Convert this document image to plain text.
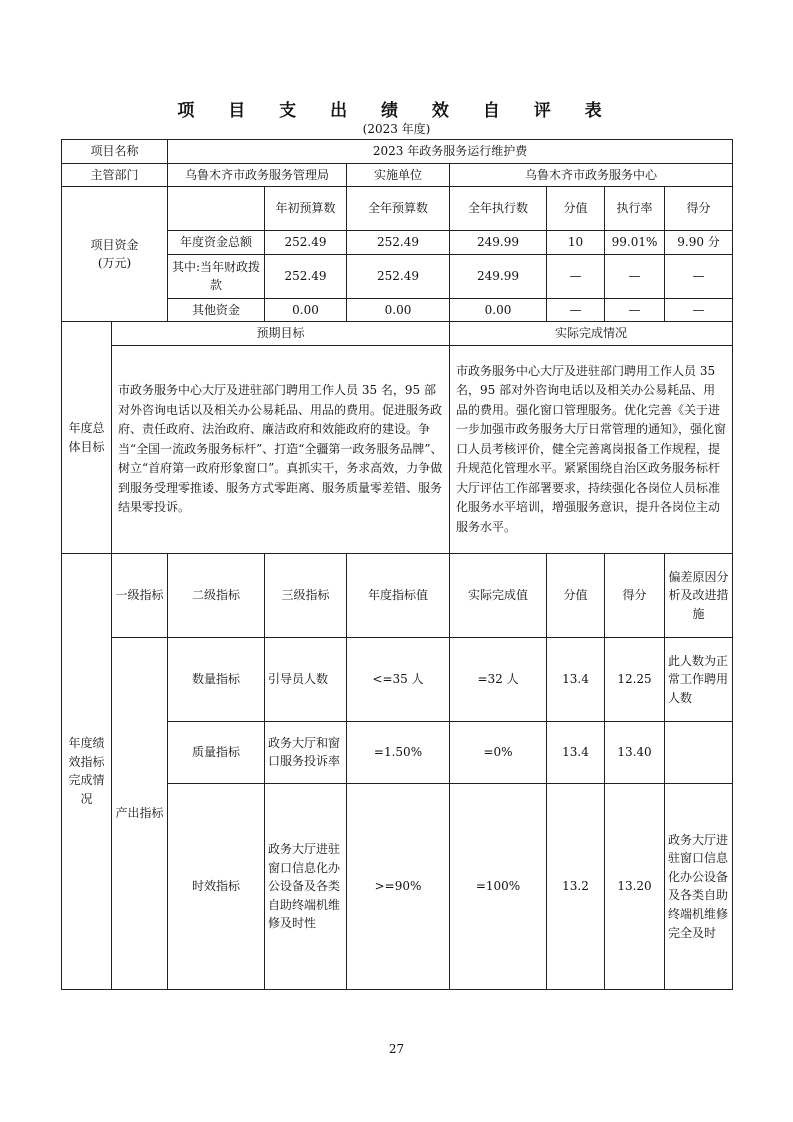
项 目 支 出 绩 效 自 评 表
(2023 年度)
项目名称		2023 年政务服务运行维护费						
主管部门		乌鲁木齐市政务服务管理局		实施单位	乌鲁木齐市政务服务中心			
项目资金
(万元)			年初预算数	全年预算数	全年执行数	分值	执行率	得分
		年度资金总额	252.49	252.49	249.99	10	99.01%	9.90 分
		其中:当年财政拨款	252.49	252.49	249.99	—	—	—
		其他资金	0.00	0.00	0.00	—	—	—
年度总体目标	预期目标				实际完成情况			
	市政务服务中心大厅及进驻部门聘用工作人员 35 名，95 部对外咨询电话以及相关办公易耗品、用品的费用。促进服务政府、责任政府、法治政府、廉洁政府和效能政府的建设。争当“全国一流政务服务标杆”、打造“全疆第一政务服务品牌”、树立“首府第一政府形象窗口”。真抓实干，务求高效，力争做到服务受理零推诿、服务方式零距离、服务质量零差错、服务结果零投诉。				市政务服务中心大厅及进驻部门聘用工作人员 35 名，95 部对外咨询电话以及相关办公易耗品、用品的费用。强化窗口管理服务。优化完善《关于进一步加强市政务服务大厅日常管理的通知》，强化窗口人员考核评价，健全完善离岗报备工作规程，提升规范化管理水平。紧紧围绕自治区政务服务标杆大厅评估工作部署要求，持续强化各岗位人员标准化服务水平培训，增强服务意识，提升各岗位主动服务水平。			
年度绩效指标完成情况	一级指标	二级指标	三级指标	年度指标值	实际完成值	分值	得分	偏差原因分析及改进措施
	产出指标	数量指标	引导员人数	<=35 人	=32 人	13.4	12.25	此人数为正常工作聘用人数
		质量指标	政务大厅和窗口服务投诉率	=1.50%	=0%	13.4	13.40	
		时效指标	政务大厅进驻窗口信息化办公设备及各类自助终端机维修及时性	>=90%	=100%	13.2	13.20	政务大厅进驻窗口信息化办公设备及各类自助终端机维修完全及时
27
